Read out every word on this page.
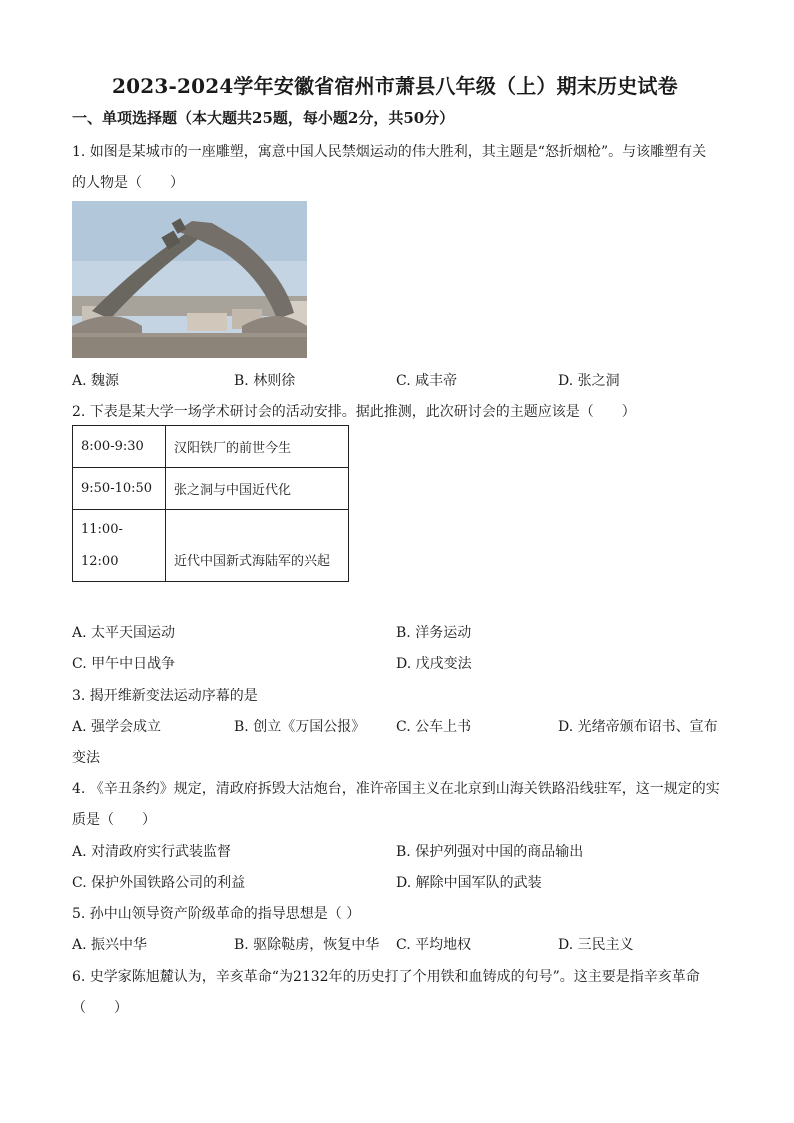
2023-2024学年安徽省宿州市萧县八年级（上）期末历史试卷
一、单项选择题（本大题共25题，每小题2分，共50分）
1. 如图是某城市的一座雕塑，寓意中国人民禁烟运动的伟大胜利，其主题是“怒折烟枪”。与该雕塑有关
的人物是（　　）
A. 魏源	B. 林则徐	C. 咸丰帝	D. 张之洞
2. 下表是某大学一场学术研讨会的活动安排。据此推测，此次研讨会的主题应该是（　　）
8:00-9:30	汉阳铁厂的前世今生
9:50-10:50	张之洞与中国近代化

11:00-
12:00	近代中国新式海陆军的兴起
A. 太平天国运动	B. 洋务运动
C. 甲午中日战争	D. 戊戌变法
3. 揭开维新变法运动序幕的是
A. 强学会成立	B. 创立《万国公报》 C. 公车上书	D. 光绪帝颁布诏书、宣布
变法
4. 《辛丑条约》规定，清政府拆毁大沽炮台，准许帝国主义在北京到山海关铁路沿线驻军，这一规定的实
质是（　　）
A. 对清政府实行武装监督	B. 保护列强对中国的商品输出
C. 保护外国铁路公司的利益	D. 解除中国军队的武装
5. 孙中山领导资产阶级革命的指导思想是（ ）
A. 振兴中华	B. 驱除鞑虏，恢复中华 C. 平均地权	D. 三民主义
6. 史学家陈旭麓认为，辛亥革命“为2132年的历史打了个用铁和血铸成的句号”。这主要是指辛亥革命
（　　）
